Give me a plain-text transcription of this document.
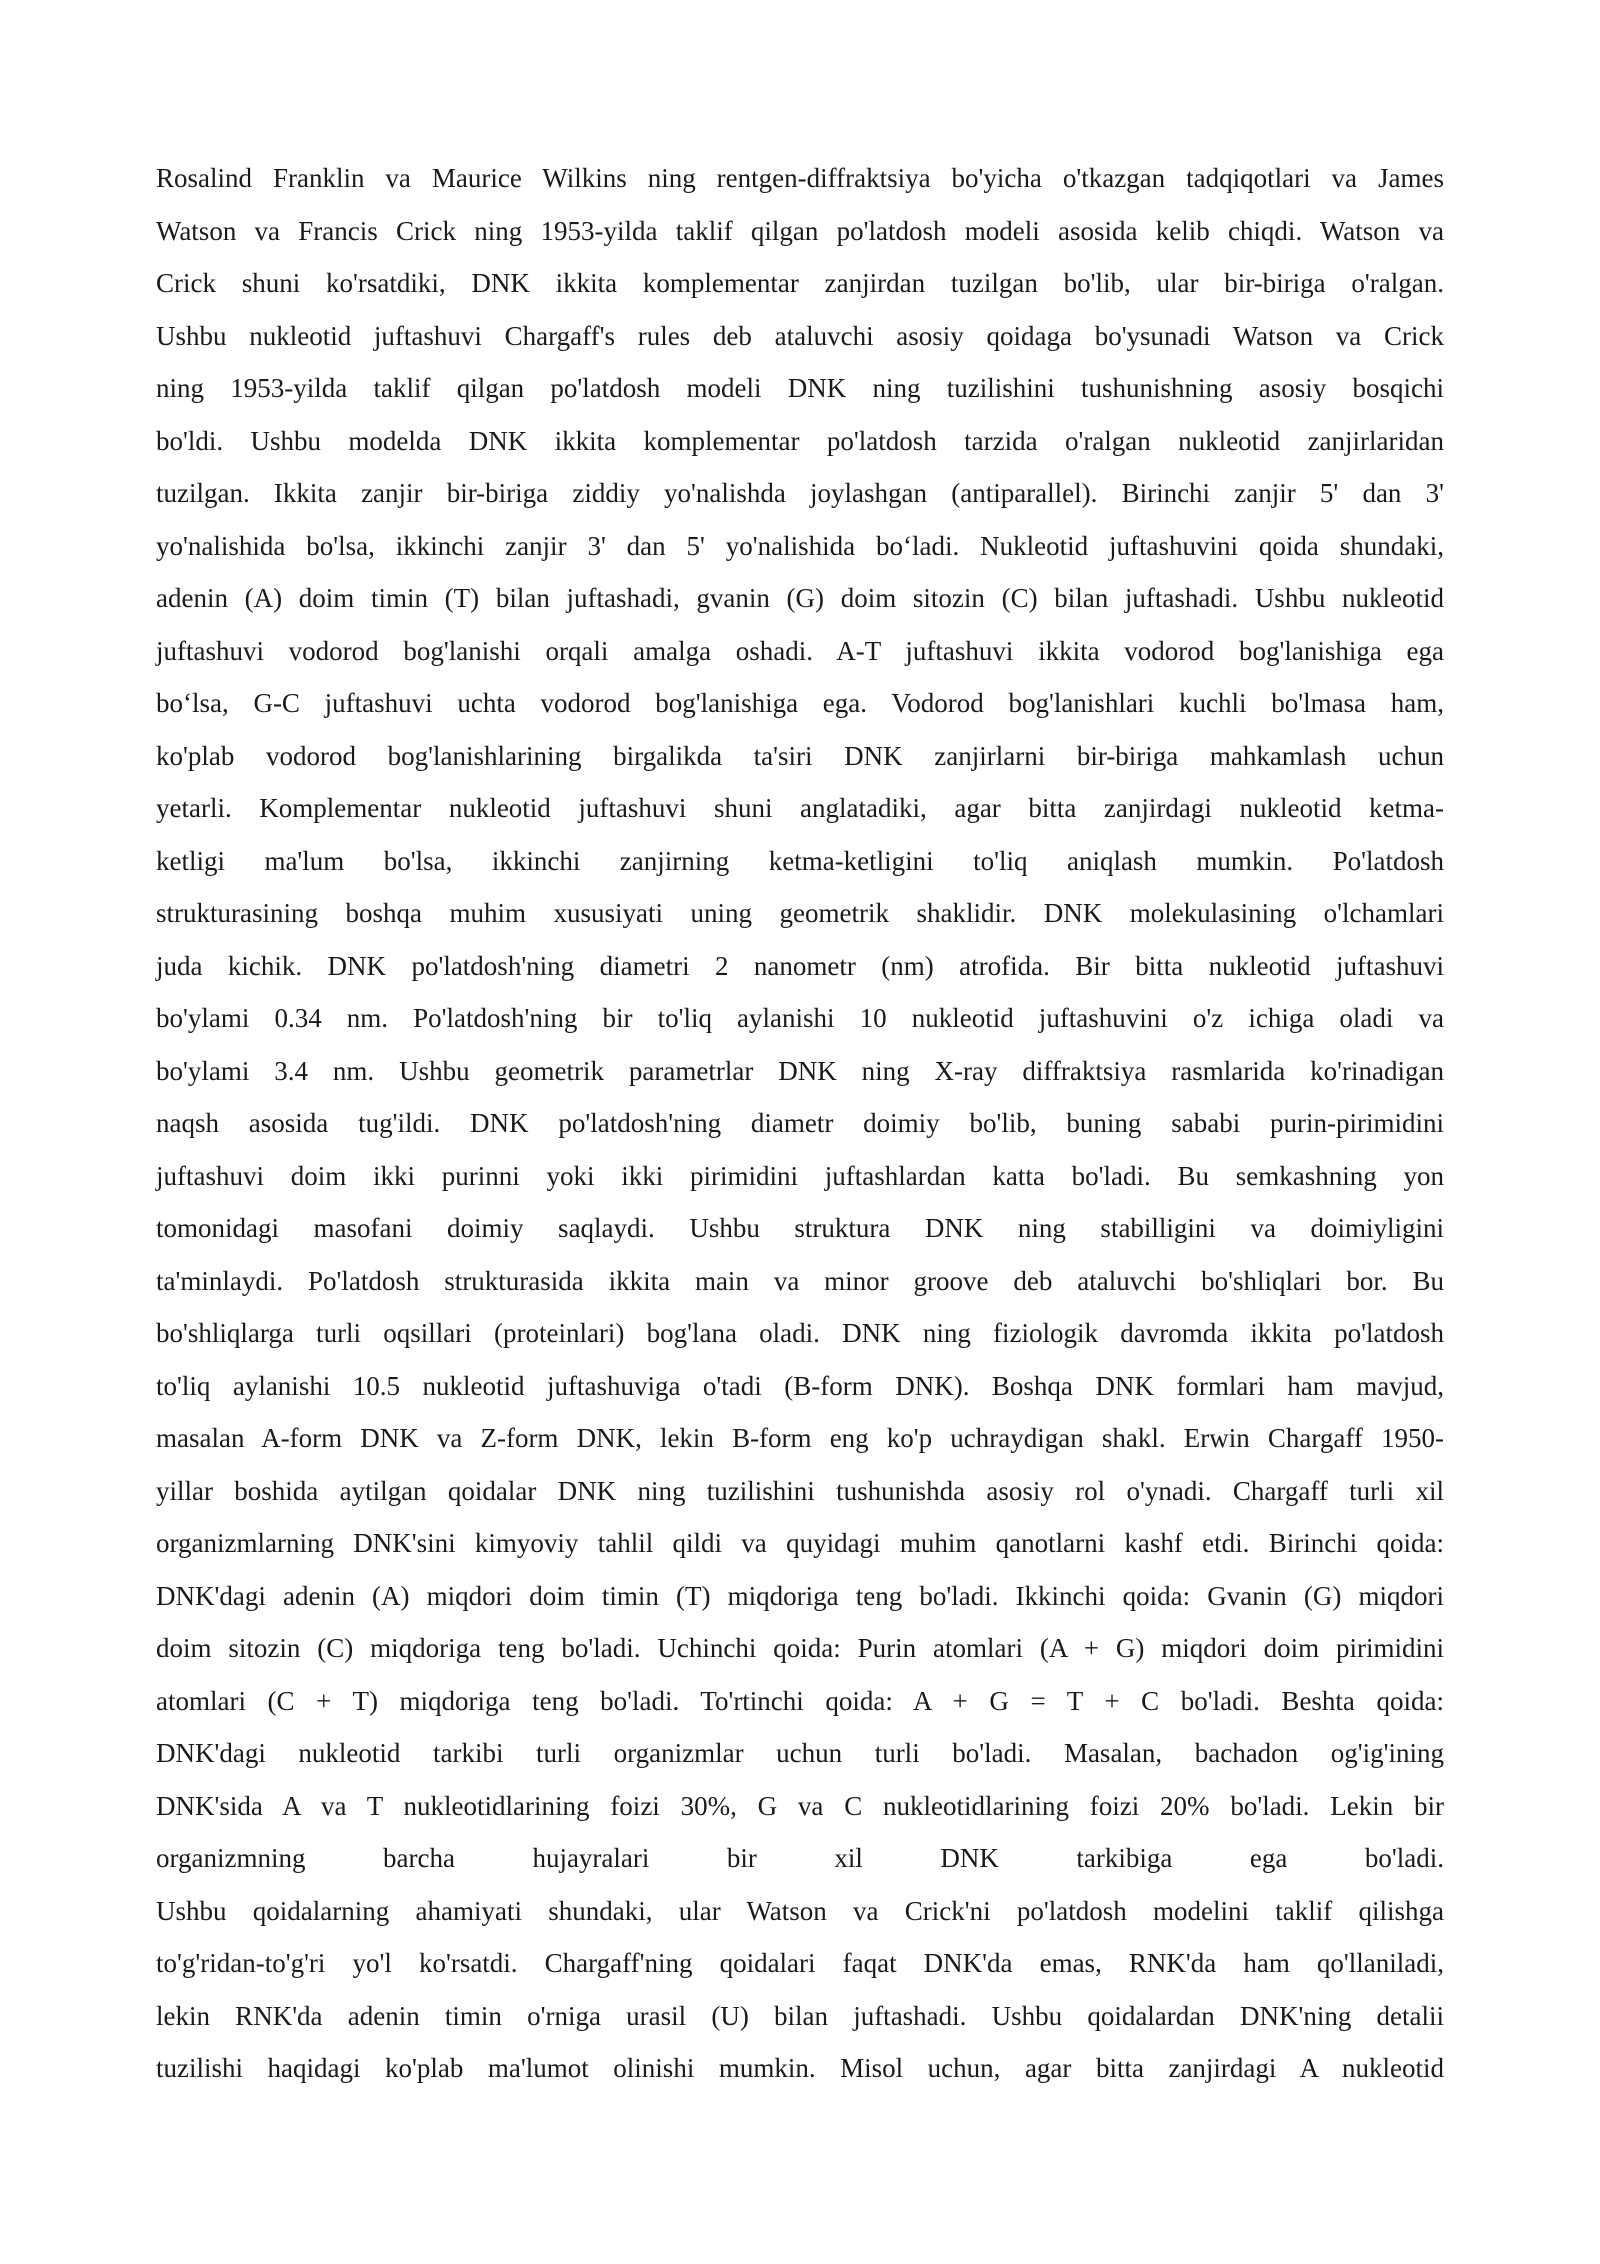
Rosalind Franklin va Maurice Wilkins ning rentgen-diffraktsiya bo'yicha o'tkazgan tadqiqotlari va James
Watson va Francis Crick ning 1953-yilda taklif qilgan po'latdosh modeli asosida kelib chiqdi. Watson va
Crick shuni ko'rsatdiki, DNK ikkita komplementar zanjirdan tuzilgan bo'lib, ular bir-biriga o'ralgan.
Ushbu nukleotid juftashuvi Chargaff's rules deb ataluvchi asosiy qoidaga bo'ysunadi Watson va Crick
ning 1953-yilda taklif qilgan po'latdosh modeli DNK ning tuzilishini tushunishning asosiy bosqichi
bo'ldi. Ushbu modelda DNK ikkita komplementar po'latdosh tarzida o'ralgan nukleotid zanjirlaridan
tuzilgan. Ikkita zanjir bir-biriga ziddiy yo'nalishda joylashgan (antiparallel). Birinchi zanjir 5' dan 3'
yo'nalishida bo'lsa, ikkinchi zanjir 3' dan 5' yo'nalishida bo‘ladi. Nukleotid juftashuvini qoida shundaki,
adenin (A) doim timin (T) bilan juftashadi, gvanin (G) doim sitozin (C) bilan juftashadi. Ushbu nukleotid
juftashuvi vodorod bog'lanishi orqali amalga oshadi. A-T juftashuvi ikkita vodorod bog'lanishiga ega
bo‘lsa, G-C juftashuvi uchta vodorod bog'lanishiga ega. Vodorod bog'lanishlari kuchli bo'lmasa ham,
ko'plab vodorod bog'lanishlarining birgalikda ta'siri DNK zanjirlarni bir-biriga mahkamlash uchun
yetarli. Komplementar nukleotid juftashuvi shuni anglatadiki, agar bitta zanjirdagi nukleotid ketma-
ketligi ma'lum bo'lsa, ikkinchi zanjirning ketma-ketligini to'liq aniqlash mumkin. Po'latdosh
strukturasining boshqa muhim xususiyati uning geometrik shaklidir. DNK molekulasining o'lchamlari
juda kichik. DNK po'latdosh'ning diametri 2 nanometr (nm) atrofida. Bir bitta nukleotid juftashuvi
bo'ylami 0.34 nm. Po'latdosh'ning bir to'liq aylanishi 10 nukleotid juftashuvini o'z ichiga oladi va
bo'ylami 3.4 nm. Ushbu geometrik parametrlar DNK ning X-ray diffraktsiya rasmlarida ko'rinadigan
naqsh asosida tug'ildi. DNK po'latdosh'ning diametr doimiy bo'lib, buning sababi purin-pirimidini
juftashuvi doim ikki purinni yoki ikki pirimidini juftashlardan katta bo'ladi. Bu semkashning yon
tomonidagi masofani doimiy saqlaydi. Ushbu struktura DNK ning stabilligini va doimiyligini
ta'minlaydi. Po'latdosh strukturasida ikkita main va minor groove deb ataluvchi bo'shliqlari bor. Bu
bo'shliqlarga turli oqsillari (proteinlari) bog'lana oladi. DNK ning fiziologik davromda ikkita po'latdosh
to'liq aylanishi 10.5 nukleotid juftashuviga o'tadi (B-form DNK). Boshqa DNK formlari ham mavjud,
masalan A-form DNK va Z-form DNK, lekin B-form eng ko'p uchraydigan shakl. Erwin Chargaff 1950-
yillar boshida aytilgan qoidalar DNK ning tuzilishini tushunishda asosiy rol o'ynadi. Chargaff turli xil
organizmlarning DNK'sini kimyoviy tahlil qildi va quyidagi muhim qanotlarni kashf etdi. Birinchi qoida:
DNK'dagi adenin (A) miqdori doim timin (T) miqdoriga teng bo'ladi. Ikkinchi qoida: Gvanin (G) miqdori
doim sitozin (C) miqdoriga teng bo'ladi. Uchinchi qoida: Purin atomlari (A + G) miqdori doim pirimidini
atomlari (C + T) miqdoriga teng bo'ladi. To'rtinchi qoida: A + G = T + C bo'ladi. Beshta qoida:
DNK'dagi nukleotid tarkibi turli organizmlar uchun turli bo'ladi. Masalan, bachadon og'ig'ining
DNK'sida A va T nukleotidlarining foizi 30%, G va C nukleotidlarining foizi 20% bo'ladi. Lekin bir
organizmning barcha hujayralari bir xil DNK tarkibiga ega bo'ladi.
Ushbu qoidalarning ahamiyati shundaki, ular Watson va Crick'ni po'latdosh modelini taklif qilishga
to'g'ridan-to'g'ri yo'l ko'rsatdi. Chargaff'ning qoidalari faqat DNK'da emas, RNK'da ham qo'llaniladi,
lekin RNK'da adenin timin o'rniga urasil (U) bilan juftashadi. Ushbu qoidalardan DNK'ning detalii
tuzilishi haqidagi ko'plab ma'lumot olinishi mumkin. Misol uchun, agar bitta zanjirdagi A nukleotid
